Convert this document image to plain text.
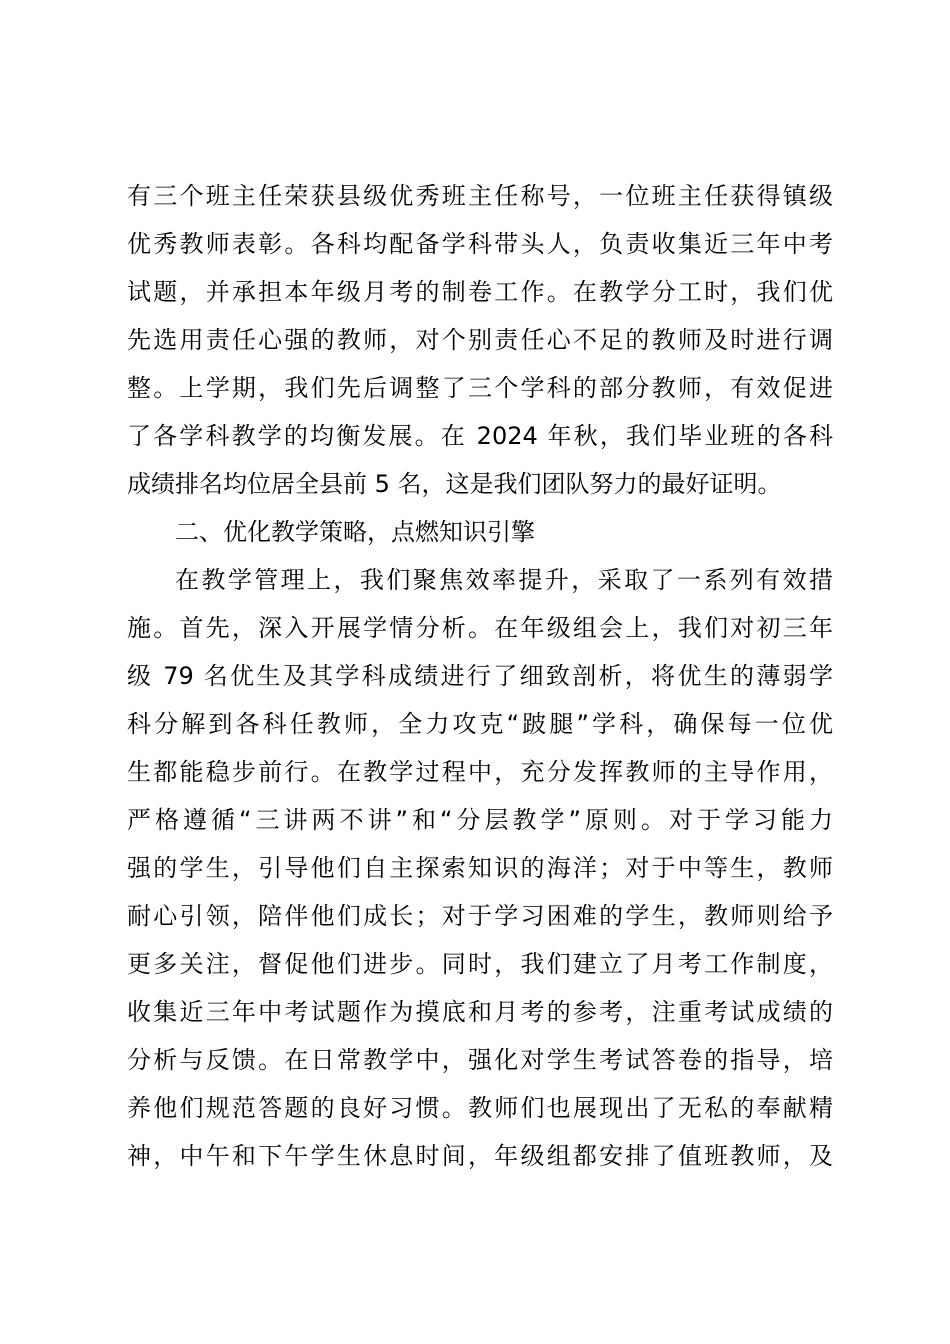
有三个班主任荣获县级优秀班主任称号，一位班主任获得镇级
优秀教师表彰。各科均配备学科带头人，负责收集近三年中考
试题，并承担本年级月考的制卷工作。在教学分工时，我们优
先选用责任心强的教师，对个别责任心不足的教师及时进行调
整。上学期，我们先后调整了三个学科的部分教师，有效促进
了各学科教学的均衡发展。在 2024 年秋，我们毕业班的各科
成绩排名均位居全县前 5 名，这是我们团队努力的最好证明。
二、优化教学策略，点燃知识引擎
在教学管理上，我们聚焦效率提升，采取了一系列有效措
施。首先，深入开展学情分析。在年级组会上，我们对初三年
级 79 名优生及其学科成绩进行了细致剖析，将优生的薄弱学
科分解到各科任教师，全力攻克“跛腿”学科，确保每一位优
生都能稳步前行。在教学过程中，充分发挥教师的主导作用，
严格遵循“三讲两不讲”和“分层教学”原则。对于学习能力
强的学生，引导他们自主探索知识的海洋；对于中等生，教师
耐心引领，陪伴他们成长；对于学习困难的学生，教师则给予
更多关注，督促他们进步。同时，我们建立了月考工作制度，
收集近三年中考试题作为摸底和月考的参考，注重考试成绩的
分析与反馈。在日常教学中，强化对学生考试答卷的指导，培
养他们规范答题的良好习惯。教师们也展现出了无私的奉献精
神，中午和下午学生休息时间，年级组都安排了值班教师，及
